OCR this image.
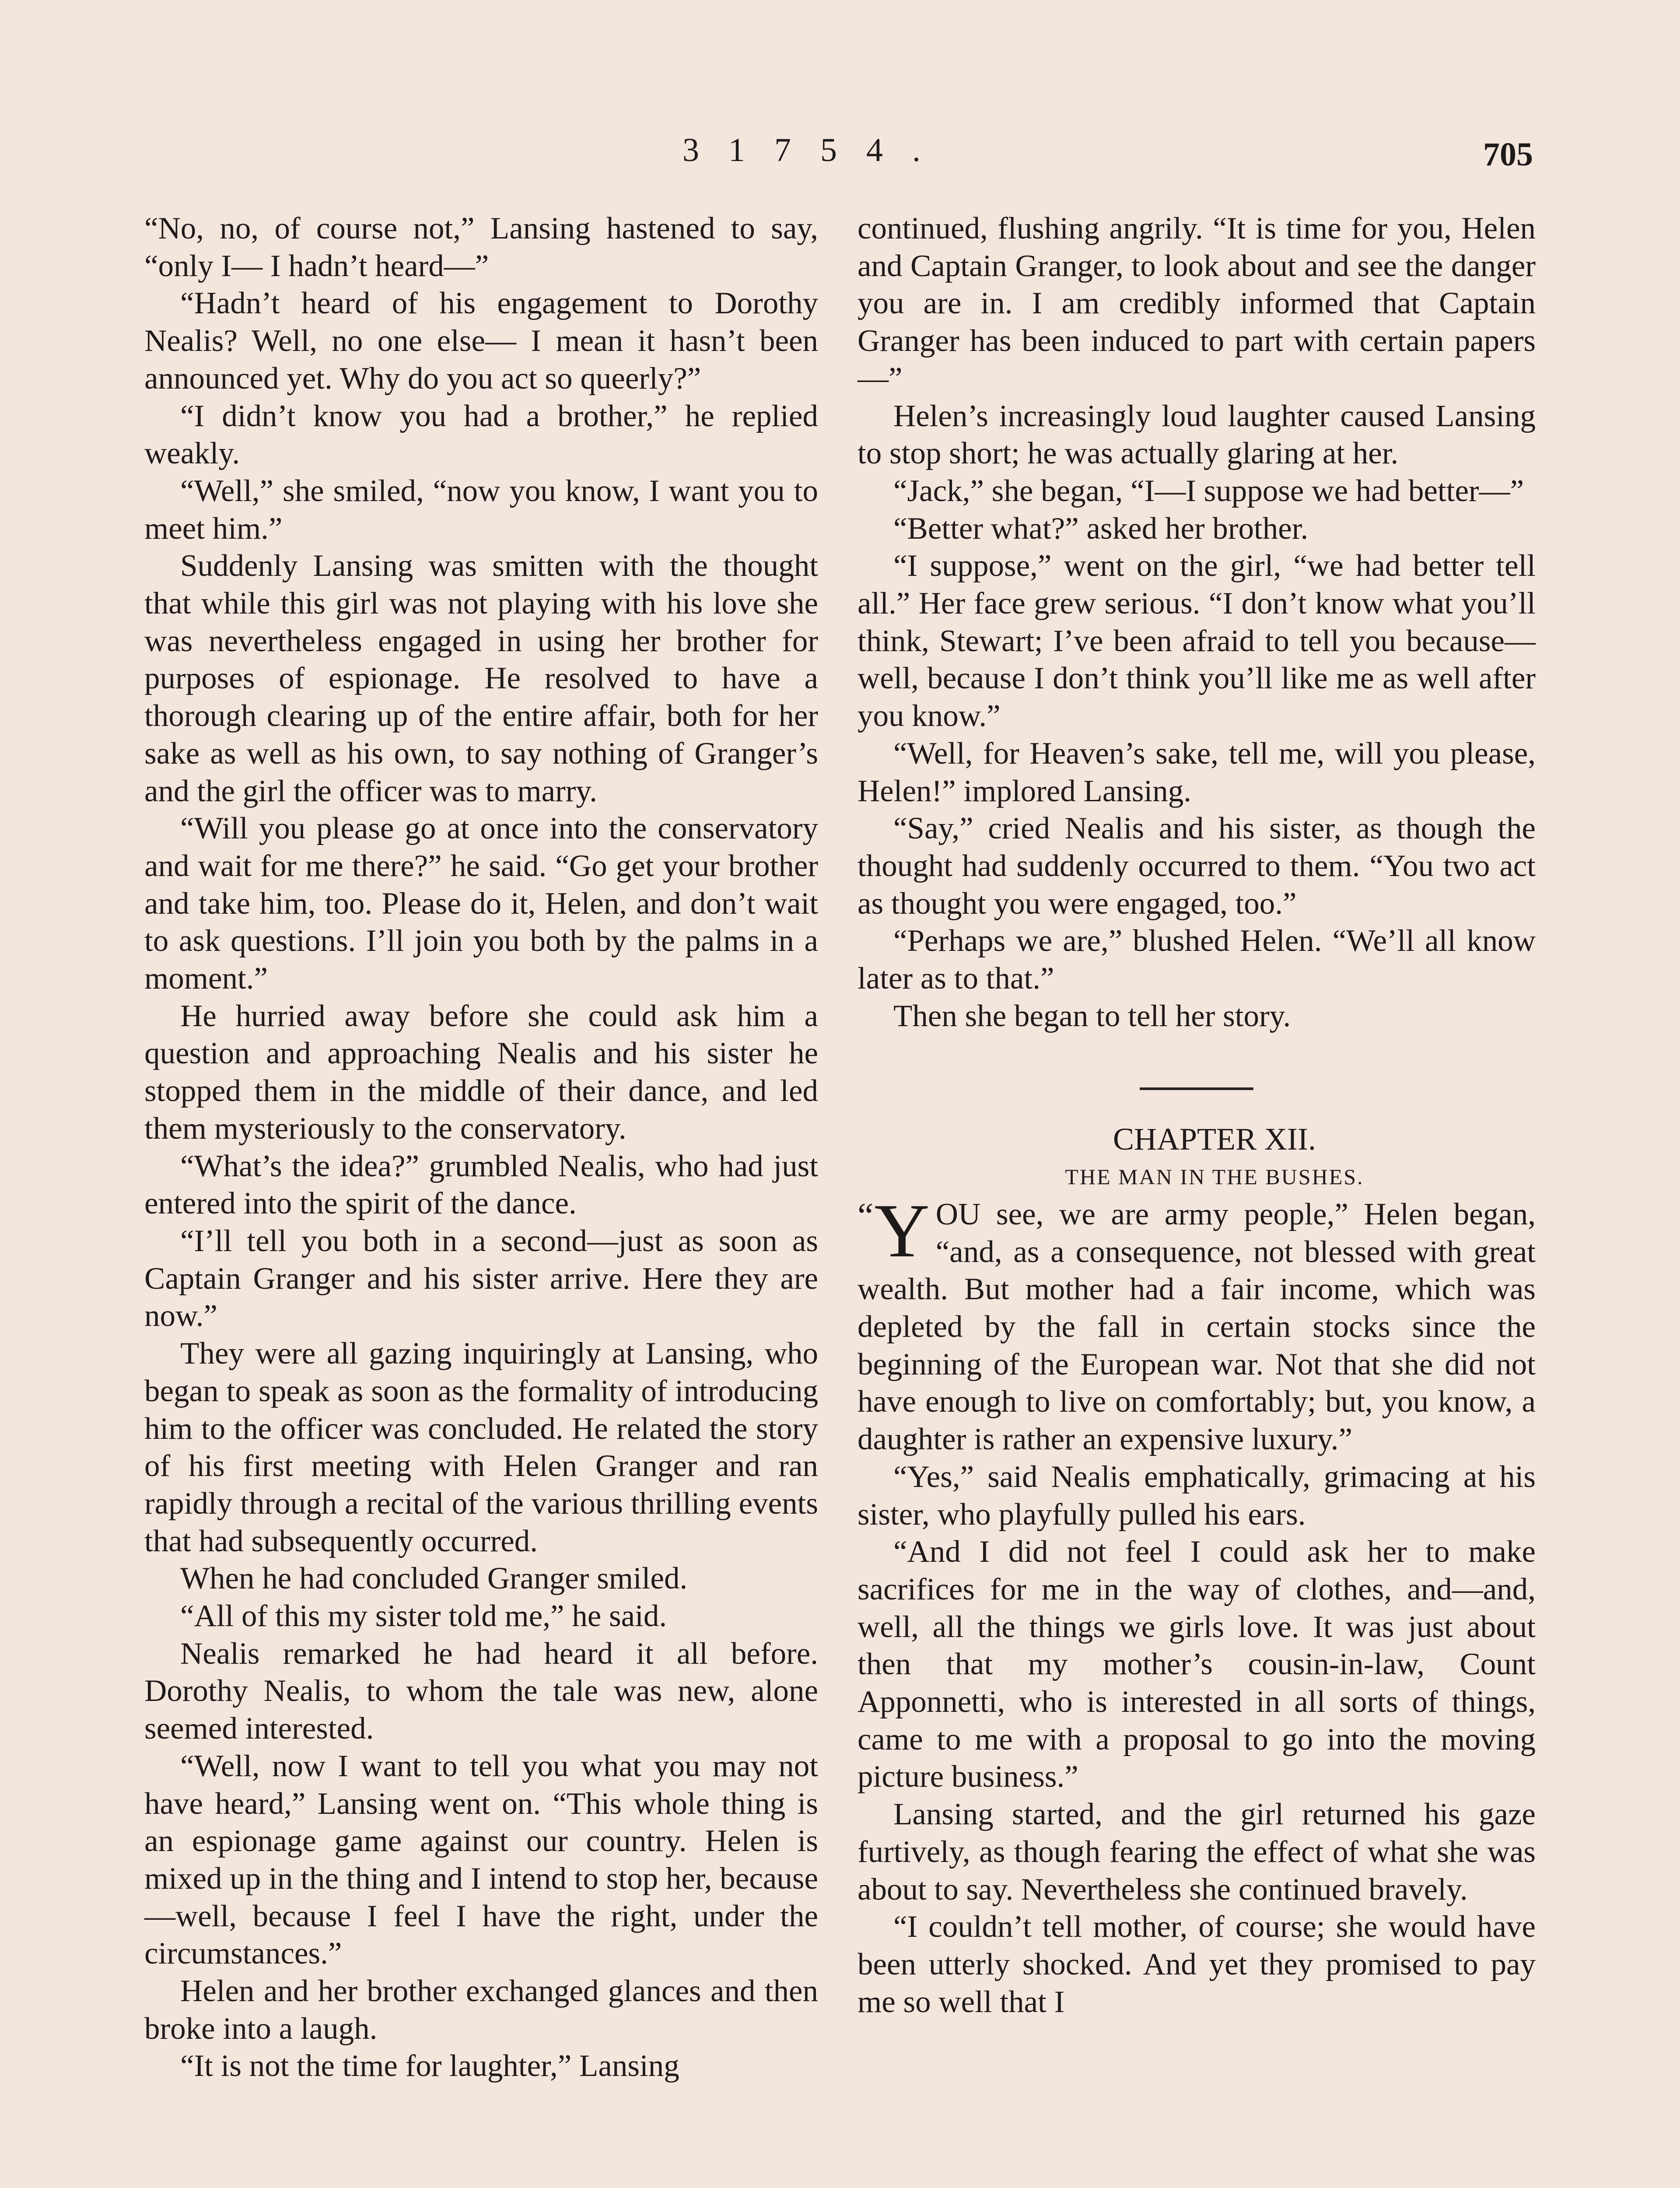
3 1 7 5 4 .	705

“No, no, of course not,” Lansing hastened to say, “only I— I hadn’t heard—”

“Hadn’t heard of his engagement to Dorothy Nealis? Well, no one else— I mean it hasn’t been announced yet. Why do you act so queerly?”

“I didn’t know you had a brother,” he replied weakly.

“Well,” she smiled, “now you know, I want you to meet him.”

Suddenly Lansing was smitten with the thought that while this girl was not playing with his love she was nevertheless engaged in using her brother for purposes of espionage. He resolved to have a thorough clearing up of the entire affair, both for her sake as well as his own, to say nothing of Granger’s and the girl the officer was to marry.

“Will you please go at once into the conservatory and wait for me there?” he said. “Go get your brother and take him, too. Please do it, Helen, and don’t wait to ask questions. I’ll join you both by the palms in a moment.”

He hurried away before she could ask him a question and approaching Nealis and his sister he stopped them in the middle of their dance, and led them mysteriously to the conservatory.

“What’s the idea?” grumbled Nealis, who had just entered into the spirit of the dance.

“I’ll tell you both in a second—just as soon as Captain Granger and his sister arrive. Here they are now.”

They were all gazing inquiringly at Lansing, who began to speak as soon as the formality of introducing him to the officer was concluded. He related the story of his first meeting with Helen Granger and ran rapidly through a recital of the various thrilling events that had subsequently occurred.

When he had concluded Granger smiled.

“All of this my sister told me,” he said.

Nealis remarked he had heard it all before. Dorothy Nealis, to whom the tale was new, alone seemed interested.

“Well, now I want to tell you what you may not have heard,” Lansing went on. “This whole thing is an espionage game against our country. Helen is mixed up in the thing and I intend to stop her, because —well, because I feel I have the right, under the circumstances.”

Helen and her brother exchanged glances and then broke into a laugh.

“It is not the time for laughter,” Lansing

continued, flushing angrily. “It is time for you, Helen and Captain Granger, to look about and see the danger you are in. I am credibly informed that Captain Granger has been induced to part with certain papers—”

Helen’s increasingly loud laughter caused Lansing to stop short; he was actually glaring at her.

“Jack,” she began, “I—I suppose we had better—”

“Better what?” asked her brother.

“I suppose,” went on the girl, “we had better tell all.” Her face grew serious. “I don’t know what you’ll think, Stewart; I’ve been afraid to tell you because—well, because I don’t think you’ll like me as well after you know.”

“Well, for Heaven’s sake, tell me, will you please, Helen!” implored Lansing.

“Say,” cried Nealis and his sister, as though the thought had suddenly occurred to them. “You two act as thought you were engaged, too.”

“Perhaps we are,” blushed Helen. “We’ll all know later as to that.”

Then she began to tell her story.

CHAPTER XII.

THE MAN IN THE BUSHES.

“ Y OU see, we are army people,” Helen began, “and, as a consequence, not blessed with great wealth. But mother had a fair income, which was depleted by the fall in certain stocks since the beginning of the European war. Not that she did not have enough to live on comfortably; but, you know, a daughter is rather an expensive luxury.”

“Yes,” said Nealis emphatically, grimacing at his sister, who playfully pulled his ears.

“And I did not feel I could ask her to make sacrifices for me in the way of clothes, and—and, well, all the things we girls love. It was just about then that my mother’s cousin-in-law, Count Apponnetti, who is interested in all sorts of things, came to me with a proposal to go into the moving picture business.”

Lansing started, and the girl returned his gaze furtively, as though fearing the effect of what she was about to say. Nevertheless she continued bravely.

“I couldn’t tell mother, of course; she would have been utterly shocked. And yet they promised to pay me so well that I
